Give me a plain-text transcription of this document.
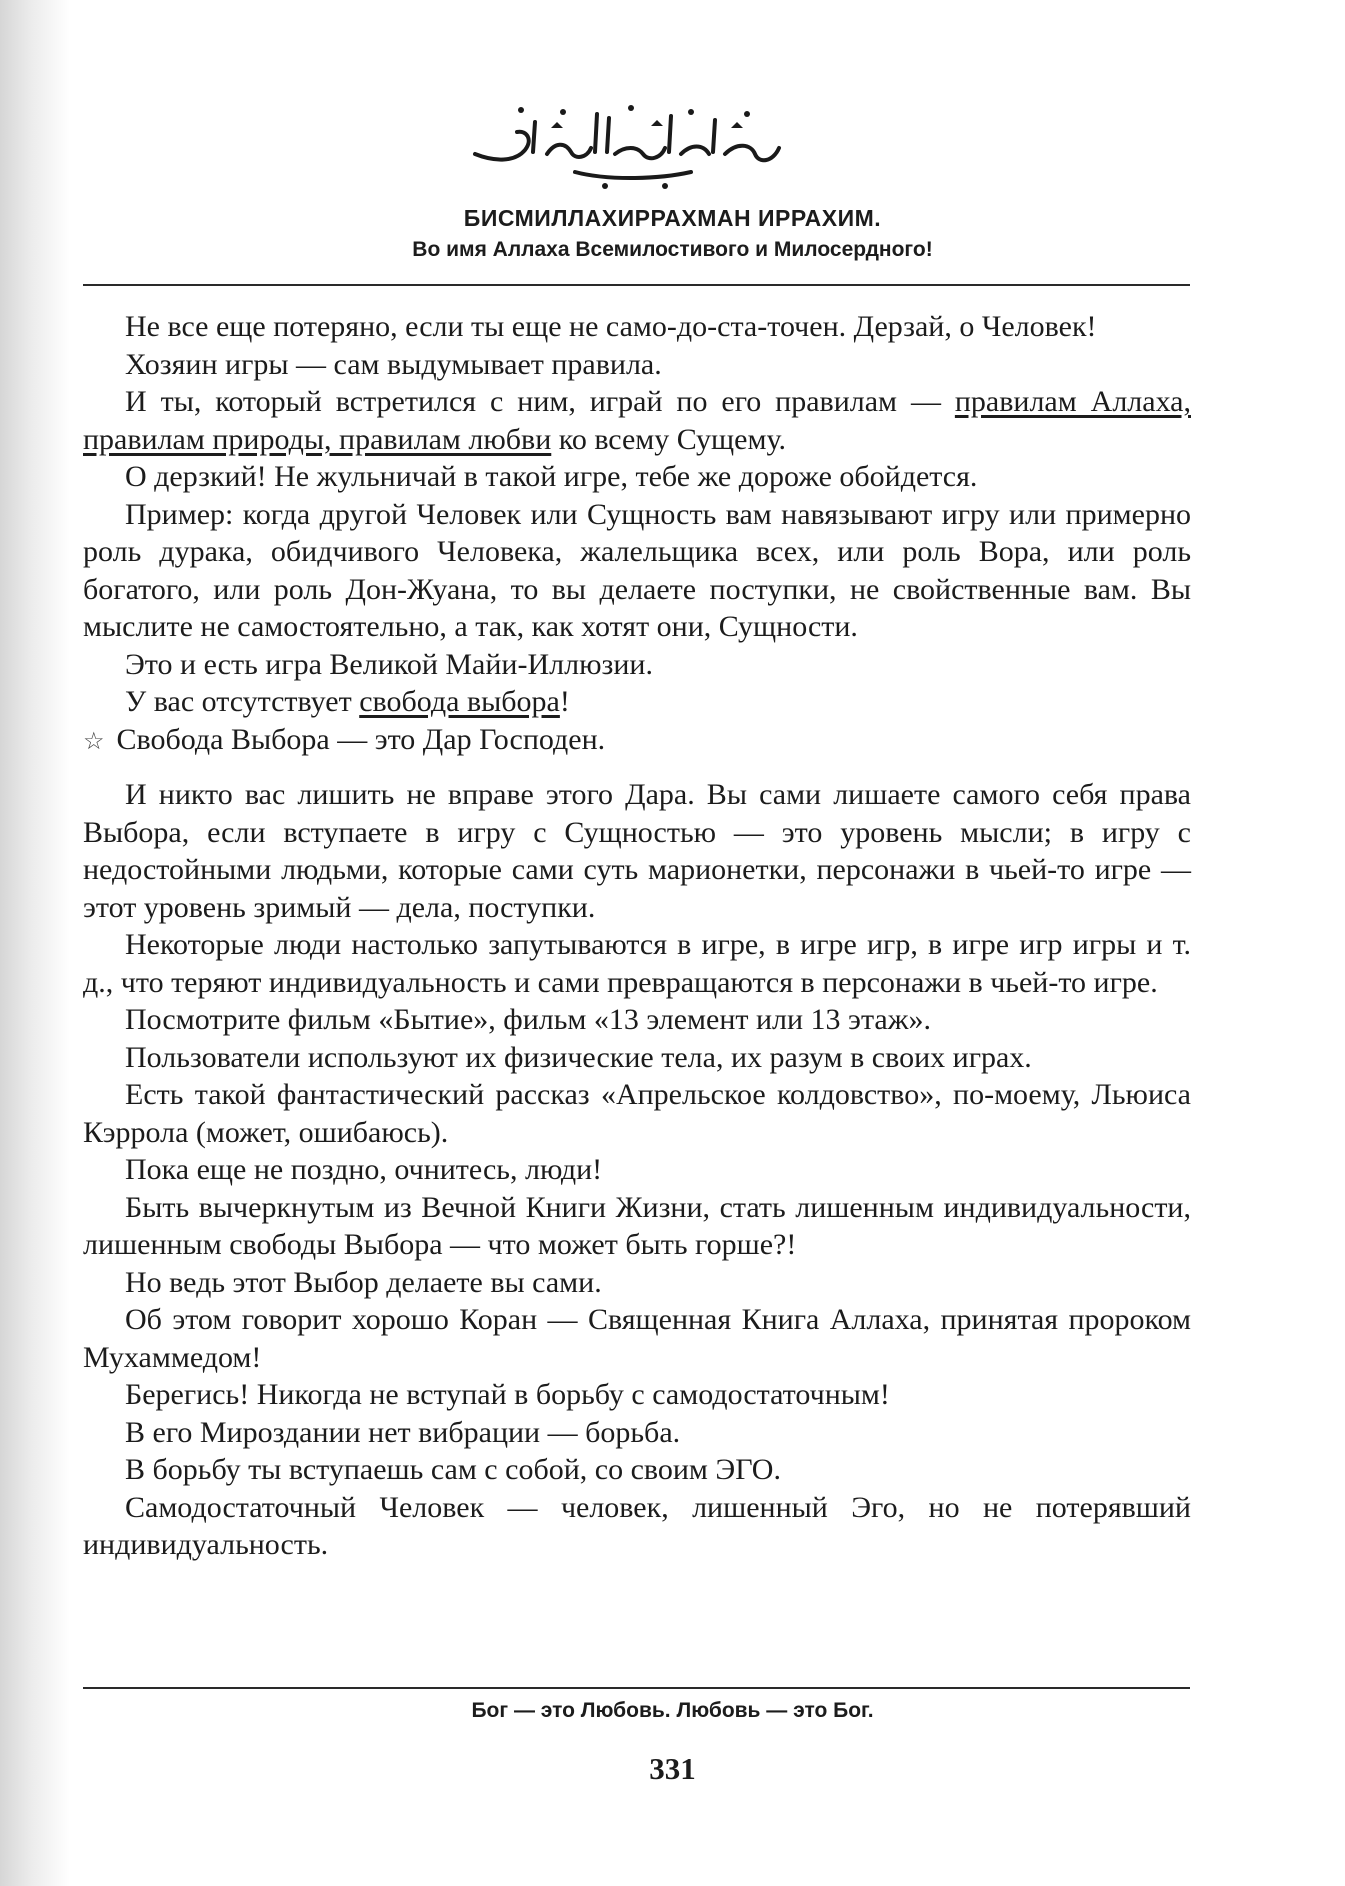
БИСМИЛЛАХИРРАХМАН ИРРАХИМ.
Во имя Аллаха Всемилостивого и Милосердного!

Не все еще потеряно, если ты еще не само-до-ста-точен. Дерзай, о Человек!

Хозяин игры — сам выдумывает правила.

И ты, который встретился с ним, играй по его правилам — правилам Аллаха, правилам природы, правилам любви ко всему Сущему.

О дерзкий! Не жульничай в такой игре, тебе же дороже обойдется.

Пример: когда другой Человек или Сущность вам навязывают игру или примерно роль дурака, обидчивого Человека, жалельщика всех, или роль Вора, или роль богатого, или роль Дон-Жуана, то вы делаете поступки, не свойственные вам. Вы мыслите не самостоятельно, а так, как хотят они, Сущности.

Это и есть игра Великой Майи-Иллюзии.

У вас отсутствует свобода выбора!

☆ Свобода Выбора — это Дар Господен.

И никто вас лишить не вправе этого Дара. Вы сами лишаете самого себя права Выбора, если вступаете в игру с Сущностью — это уровень мысли; в игру с недостойными людьми, которые сами суть марионетки, персонажи в чьей-то игре — этот уровень зримый — дела, поступки.

Некоторые люди настолько запутываются в игре, в игре игр, в игре игр игры и т. д., что теряют индивидуальность и сами превращаются в персонажи в чьей-то игре.

Посмотрите фильм «Бытие», фильм «13 элемент или 13 этаж».

Пользователи используют их физические тела, их разум в своих играх.

Есть такой фантастический рассказ «Апрельское колдовство», по-моему, Льюиса Кэррола (может, ошибаюсь).

Пока еще не поздно, очнитесь, люди!

Быть вычеркнутым из Вечной Книги Жизни, стать лишенным индивидуальности, лишенным свободы Выбора — что может быть горше?!

Но ведь этот Выбор делаете вы сами.

Об этом говорит хорошо Коран — Священная Книга Аллаха, принятая пророком Мухаммедом!

Берегись! Никогда не вступай в борьбу с самодостаточным!

В его Мироздании нет вибрации — борьба.

В борьбу ты вступаешь сам с собой, со своим ЭГО.

Самодостаточный Человек — человек, лишенный Эго, но не потерявший индивидуальность.

Бог — это Любовь. Любовь — это Бог.
331
